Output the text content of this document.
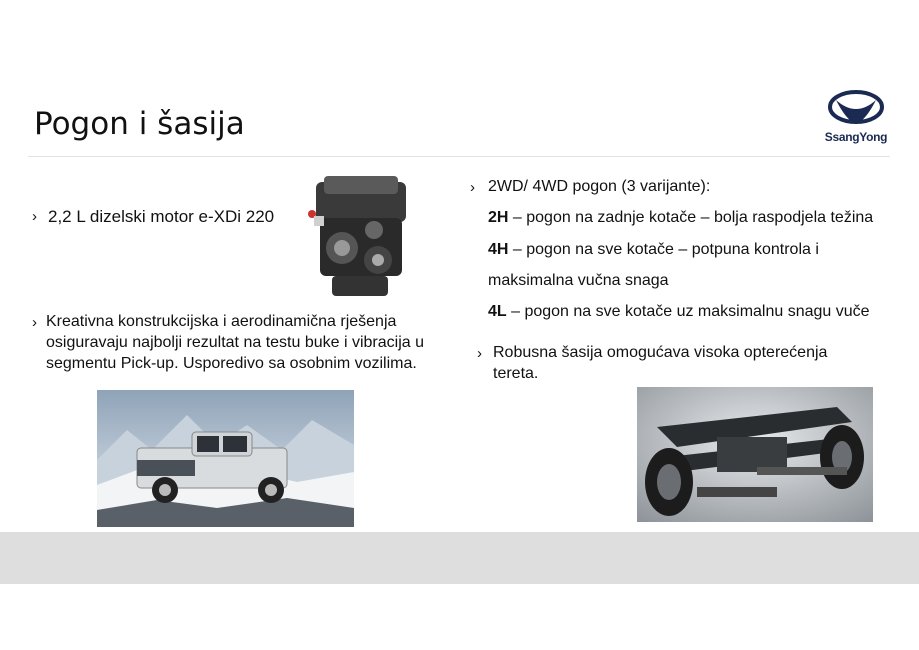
Pogon i šasija	SsangYong
› 2,2 L dizelski motor e-XDi 220
› Kreativna konstrukcijska i aerodinamična rješenja
osiguravaju najbolji rezultat na testu buke i vibracija u
segmentu Pick-up. Usporedivo sa osobnim vozilima.
› 2WD/ 4WD pogon (3 varijante):
2H – pogon na zadnje kotače – bolja raspodjela težina
4H – pogon na sve kotače – potpuna kontrola i
maksimalna vučna snaga
4L – pogon na sve kotače uz maksimalnu snagu vuče
› Robusna šasija omogućava visoka opterećenja
tereta.
